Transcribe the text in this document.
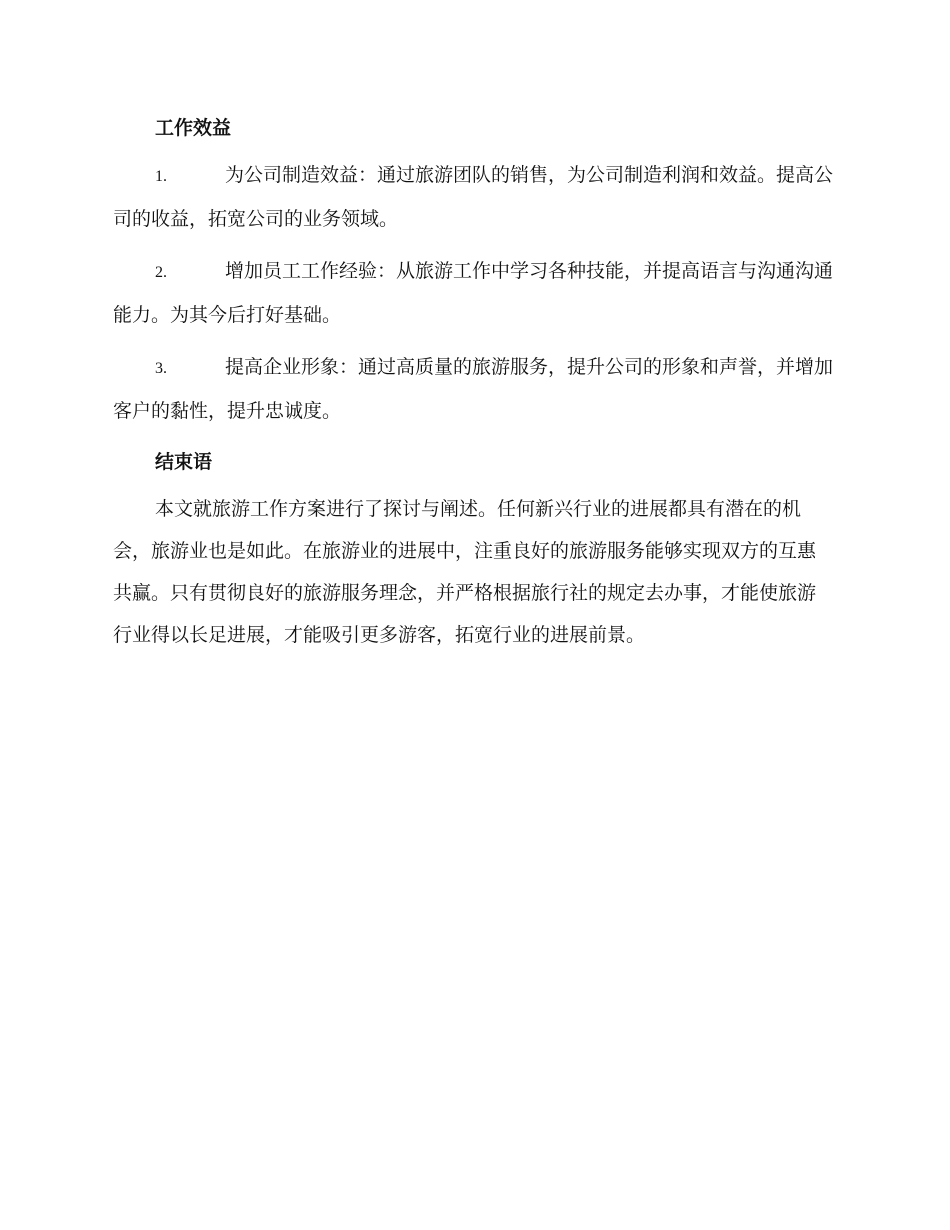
工作效益

1.	为公司制造效益：通过旅游团队的销售，为公司制造利润和效益。提高公司的收益，拓宽公司的业务领域。

2.	增加员工工作经验：从旅游工作中学习各种技能，并提高语言与沟通沟通能力。为其今后打好基础。

3.	提高企业形象：通过高质量的旅游服务，提升公司的形象和声誉，并增加客户的黏性，提升忠诚度。

结束语

本文就旅游工作方案进行了探讨与阐述。任何新兴行业的进展都具有潜在的机会，旅游业也是如此。在旅游业的进展中，注重良好的旅游服务能够实现双方的互惠共赢。只有贯彻良好的旅游服务理念，并严格根据旅行社的规定去办事，才能使旅游行业得以长足进展，才能吸引更多游客，拓宽行业的进展前景。
